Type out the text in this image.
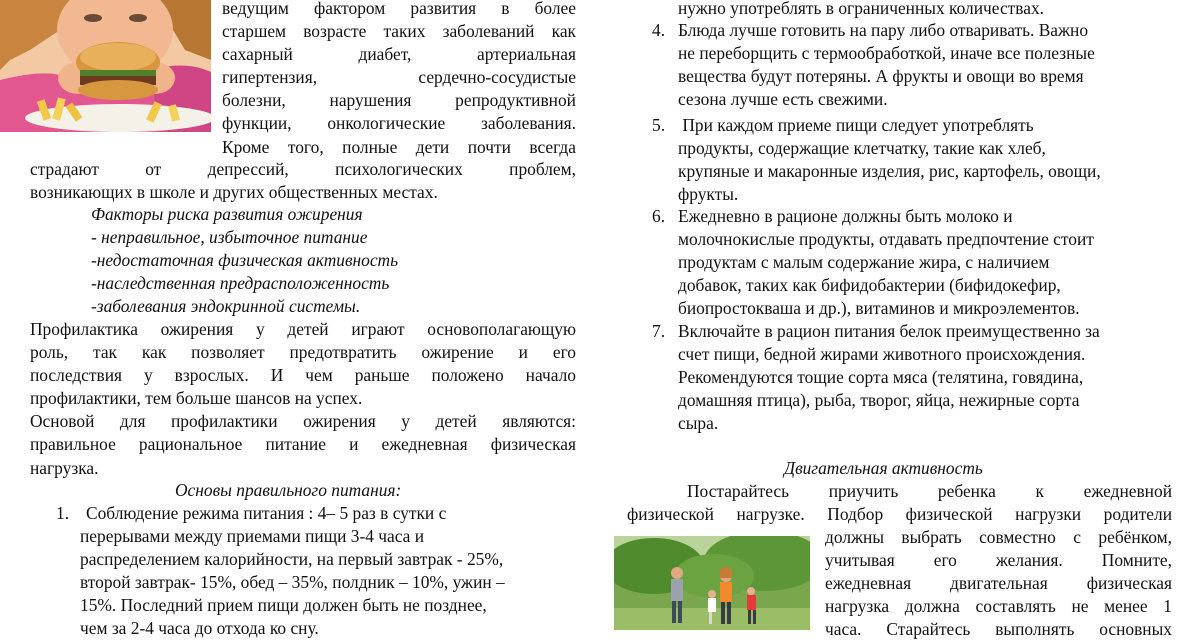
ведущим фактором развития в более
старшем возрасте таких заболеваний как
сахарный диабет, артериальная
гипертензия, сердечно-сосудистые
болезни, нарушения репродуктивной
функции, онкологические заболевания.
Кроме того, полные дети почти всегда
страдают от депрессий, психологических проблем,
возникающих в школе и других общественных местах.
Факторы риска развития ожирения
- неправильное, избыточное питание
-недостаточная физическая активность
-наследственная предрасположенность
-заболевания эндокринной системы.
Профилактика ожирения у детей играют основополагающую
роль, так как позволяет предотвратить ожирение и его
последствия у взрослых. И чем раньше положено начало
профилактики, тем больше шансов на успех.
Основой для профилактики ожирения у детей являются:
правильное рациональное питание и ежедневная физическая
нагрузка.
Основы правильного питания:
1. Соблюдение режима питания : 4– 5 раз в сутки с
перерывами между приемами пищи 3-4 часа и
распределением калорийности, на первый завтрак - 25%,
второй завтрак- 15%, обед – 35%, полдник – 10%, ужин –
15%. Последний прием пищи должен быть не позднее,
чем за 2-4 часа до отхода ко сну.
нужно употреблять в ограниченных количествах.
4. Блюда лучше готовить на пару либо отваривать. Важно
не переборщить с термообработкой, иначе все полезные
вещества будут потеряны. А фрукты и овощи во время
сезона лучше есть свежими.
5. При каждом приеме пищи следует употреблять
продукты, содержащие клетчатку, такие как хлеб,
крупяные и макаронные изделия, рис, картофель, овощи,
фрукты.
6. Ежедневно в рационе должны быть молоко и
молочнокислые продукты, отдавать предпочтение стоит
продуктам с малым содержание жира, с наличием
добавок, таких как бифидобактерии (бифидокефир,
биопростокваша и др.), витаминов и микроэлементов.
7. Включайте в рацион питания белок преимущественно за
счет пищи, бедной жирами животного происхождения.
Рекомендуются тощие сорта мяса (телятина, говядина,
домашняя птица), рыба, творог, яйца, нежирные сорта
сыра.
Двигательная активность
Постарайтесь приучить ребенка к ежедневной
физической нагрузке. Подбор физической нагрузки родители
должны выбрать совместно с ребёнком,
учитывая его желания. Помните,
ежедневная двигательная физическая
нагрузка должна составлять не менее 1
часа. Старайтесь выполнять основных
